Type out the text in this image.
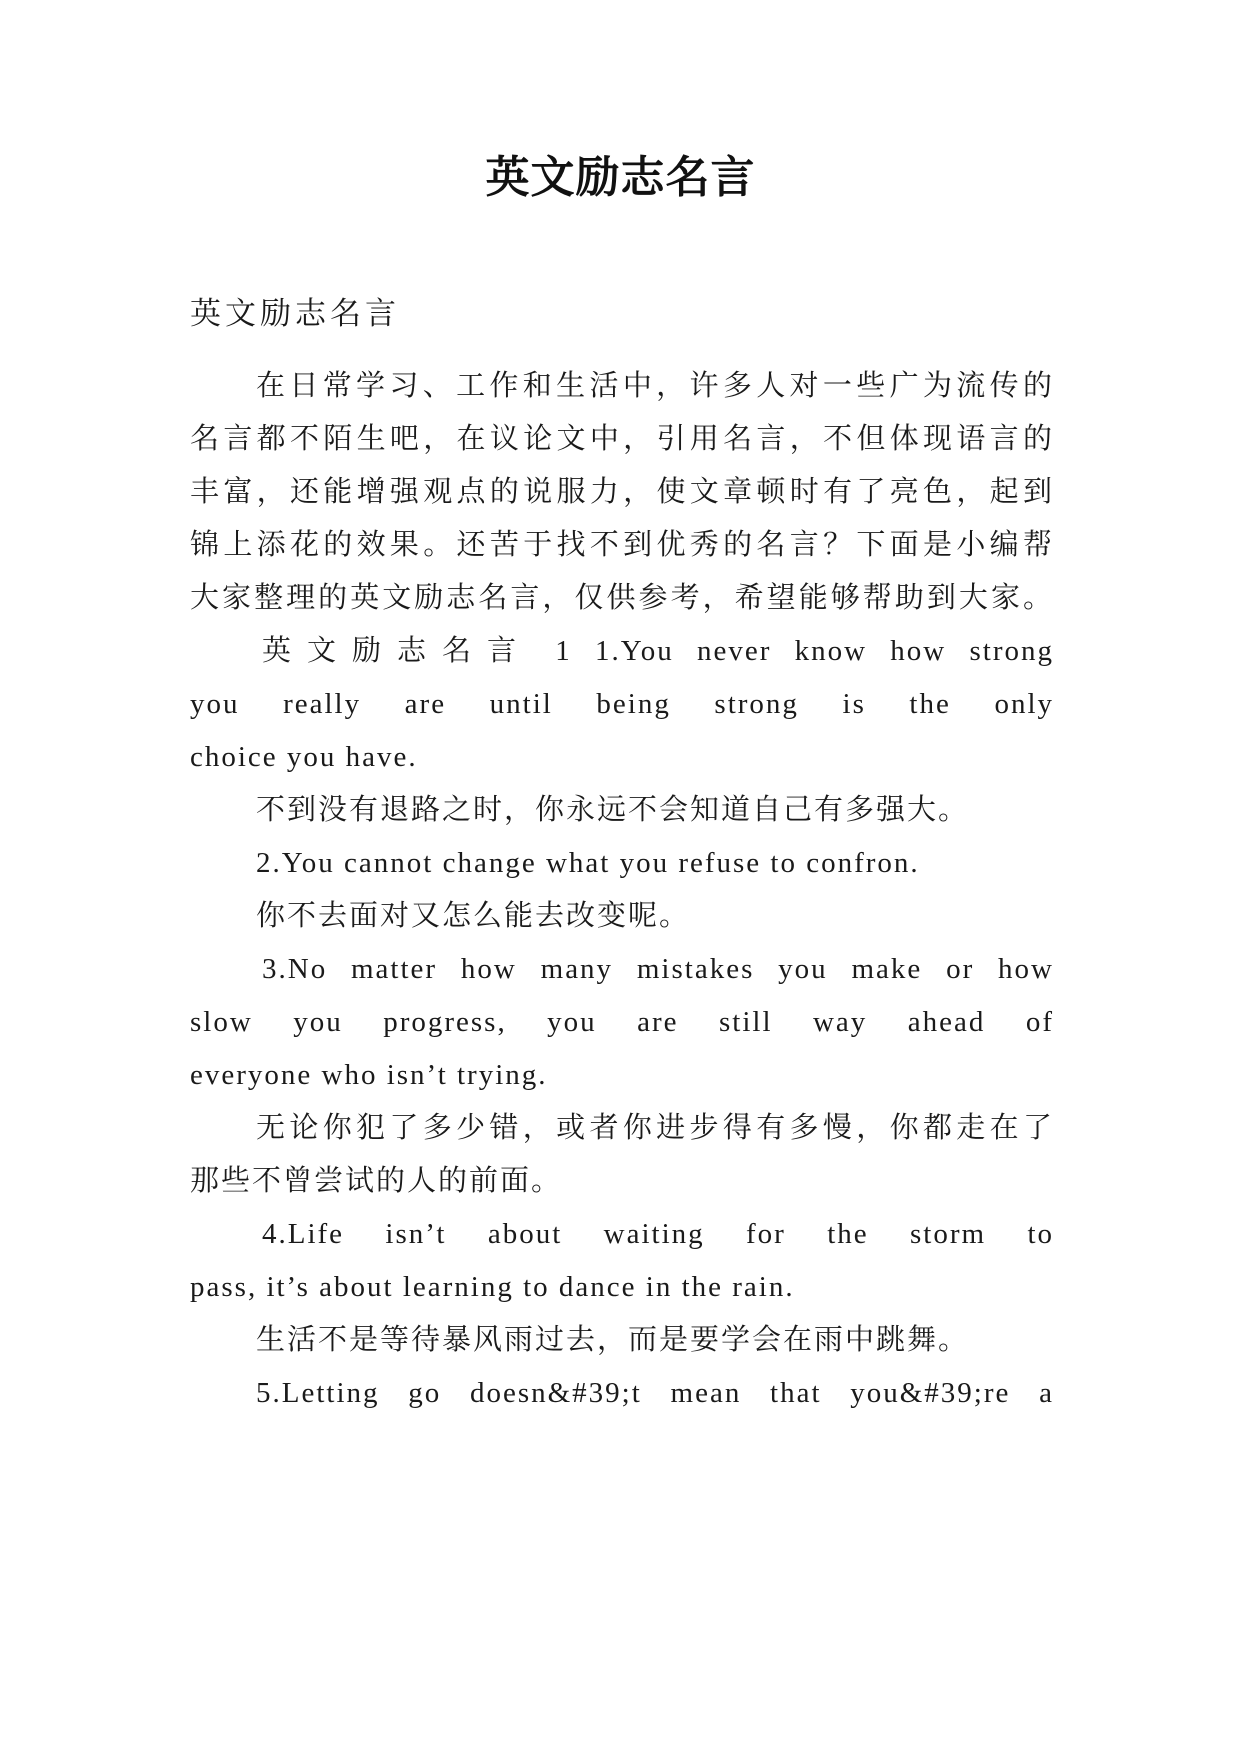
英文励志名言
英文励志名言
在日常学习、工作和生活中，许多人对一些广为流传的
名言都不陌生吧，在议论文中，引用名言，不但体现语言的
丰富，还能增强观点的说服力，使文章顿时有了亮色，起到
锦上添花的效果。还苦于找不到优秀的名言？下面是小编帮
大家整理的英文励志名言，仅供参考，希望能够帮助到大家。
英文励志名言 1 1.You never know how strong
you really are until being strong is the only
choice you have.
不到没有退路之时，你永远不会知道自己有多强大。
2.You cannot change what you refuse to confron.
你不去面对又怎么能去改变呢。
3.No matter how many mistakes you make or how
slow you progress, you are still way ahead of
everyone who isn’t trying.
无论你犯了多少错，或者你进步得有多慢，你都走在了
那些不曾尝试的人的前面。
4.Life isn’t about waiting for the storm to
pass, it’s about learning to dance in the rain.
生活不是等待暴风雨过去，而是要学会在雨中跳舞。
5.Letting go doesn&#39;t mean that you&#39;re a
